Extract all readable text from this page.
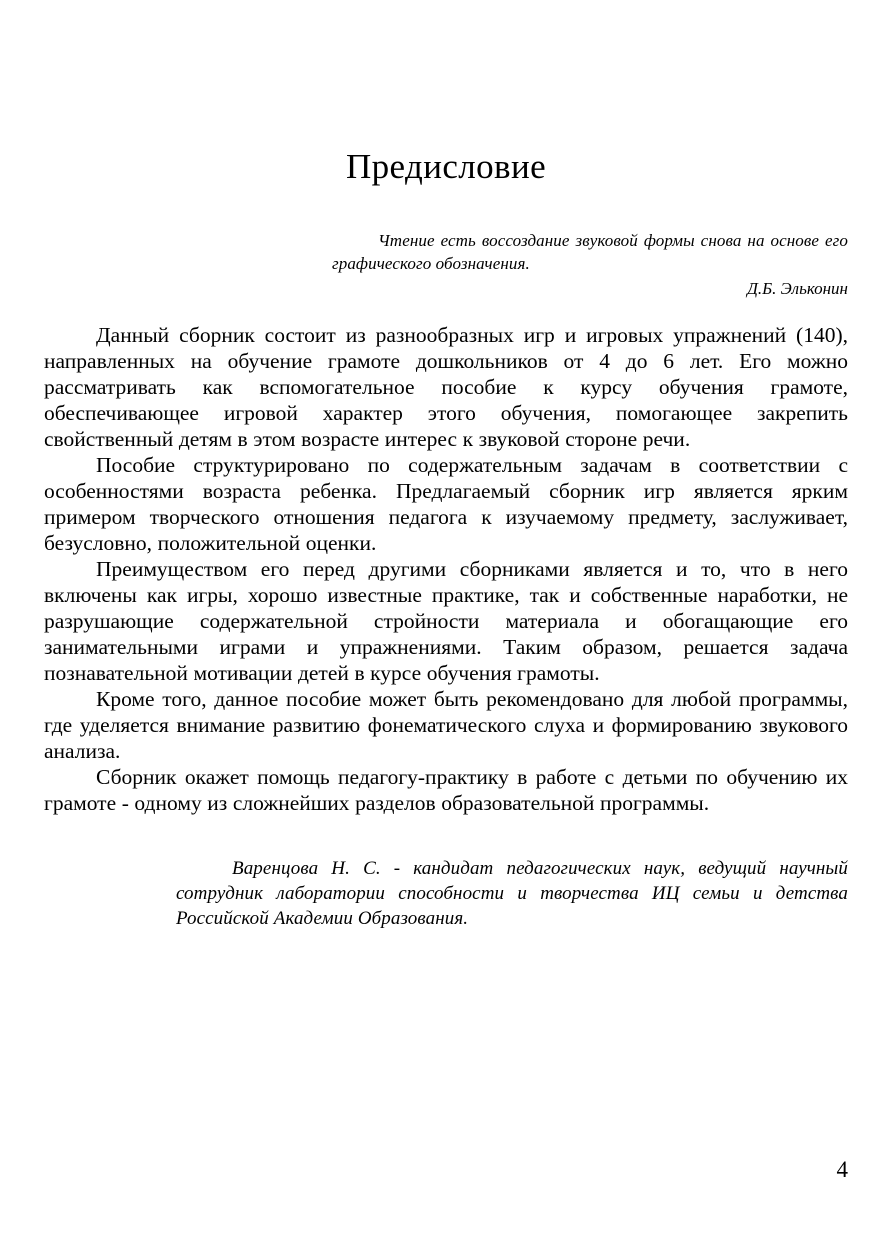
Предисловие

Чтение есть воссоздание звуковой формы снова на основе его графического обозначения.

Д.Б. Эльконин

Данный сборник состоит из разнообразных игр и игровых упражнений (140), направленных на обучение грамоте дошкольников от 4 до 6 лет. Его можно рассматривать как вспомогательное пособие к курсу обучения грамоте, обеспечивающее игровой характер этого обучения, помогающее закрепить свойственный детям в этом возрасте интерес к звуковой стороне речи.

Пособие структурировано по содержательным задачам в соответствии с особенностями возраста ребенка. Предлагаемый сборник игр является ярким примером творческого отношения педагога к изучаемому предмету, заслуживает, безусловно, положительной оценки.

Преимуществом его перед другими сборниками является и то, что в него включены как игры, хорошо известные практике, так и собственные наработки, не разрушающие содержательной стройности материала и обогащающие его занимательными играми и упражнениями. Таким образом, решается задача познавательной мотивации детей в курсе обучения грамоты.

Кроме того, данное пособие может быть рекомендовано для любой программы, где уделяется внимание развитию фонематического слуха и формированию звукового анализа.

Сборник окажет помощь педагогу-практику в работе с детьми по обучению их грамоте - одному из сложнейших разделов образовательной программы.

Варенцова Н. С. - кандидат педагогических наук, ведущий научный сотрудник лаборатории способности и творчества ИЦ семьи и детства Российской Академии Образования.

4
